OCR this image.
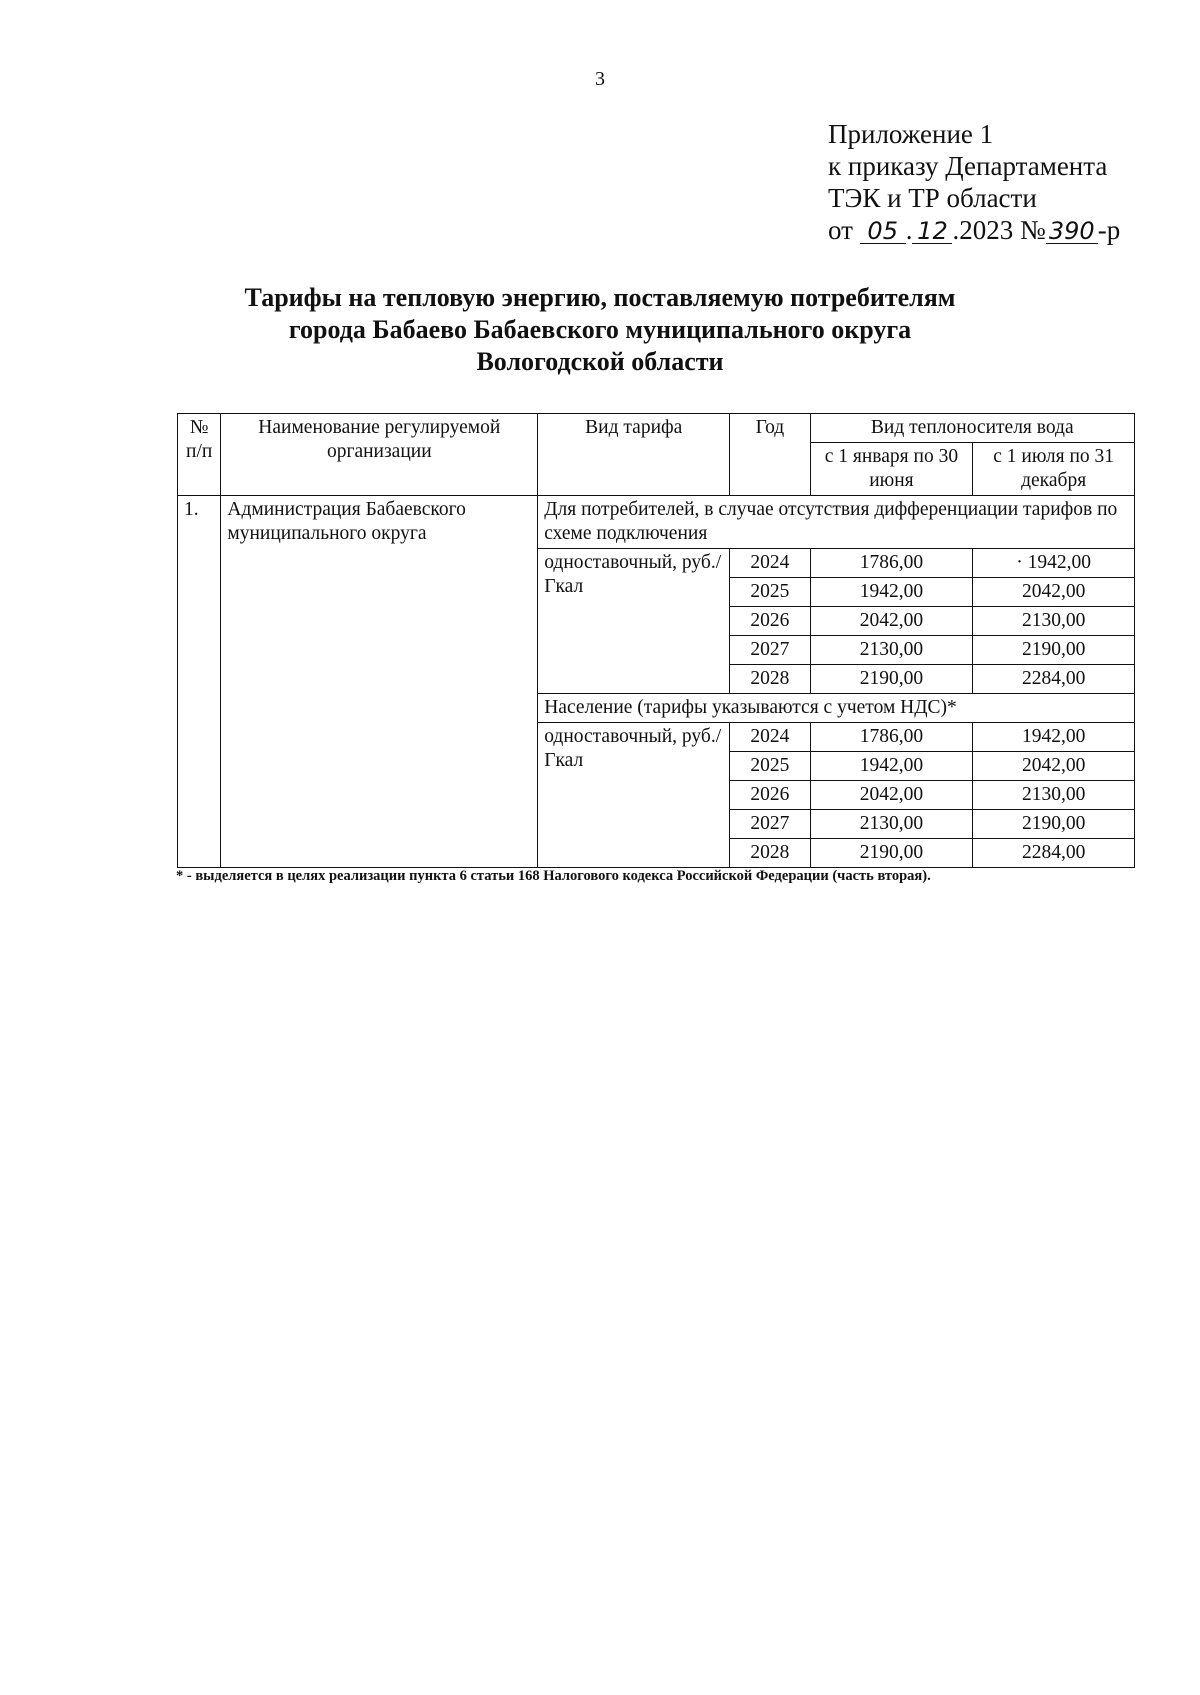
3
Приложение 1
к приказу Департамента
ТЭК и ТР области
от 05 . 12 .2023 № 390 -р
Тарифы на тепловую энергию, поставляемую потребителям
города Бабаево Бабаевского муниципального округа
Вологодской области
№ п/п	Наименование регулируемой организации	Вид тарифа	Год	Вид теплоносителя вода	
				с 1 января по 30 июня	с 1 июля по 31 декабря
1.	Администрация Бабаевского муниципального округа	Для потребителей, в случае отсутствия дифференциации тарифов по схеме подключения			
		одноставочный, руб./Гкал	2024	1786,00	· 1942,00
			2025	1942,00	2042,00
			2026	2042,00	2130,00
			2027	2130,00	2190,00
			2028	2190,00	2284,00
		Население (тарифы указываются с учетом НДС)*			
		одноставочный, руб./Гкал	2024	1786,00	1942,00
			2025	1942,00	2042,00
			2026	2042,00	2130,00
			2027	2130,00	2190,00
			2028	2190,00	2284,00
* - выделяется в целях реализации пункта 6 статьи 168 Налогового кодекса Российской Федерации (часть вторая).
